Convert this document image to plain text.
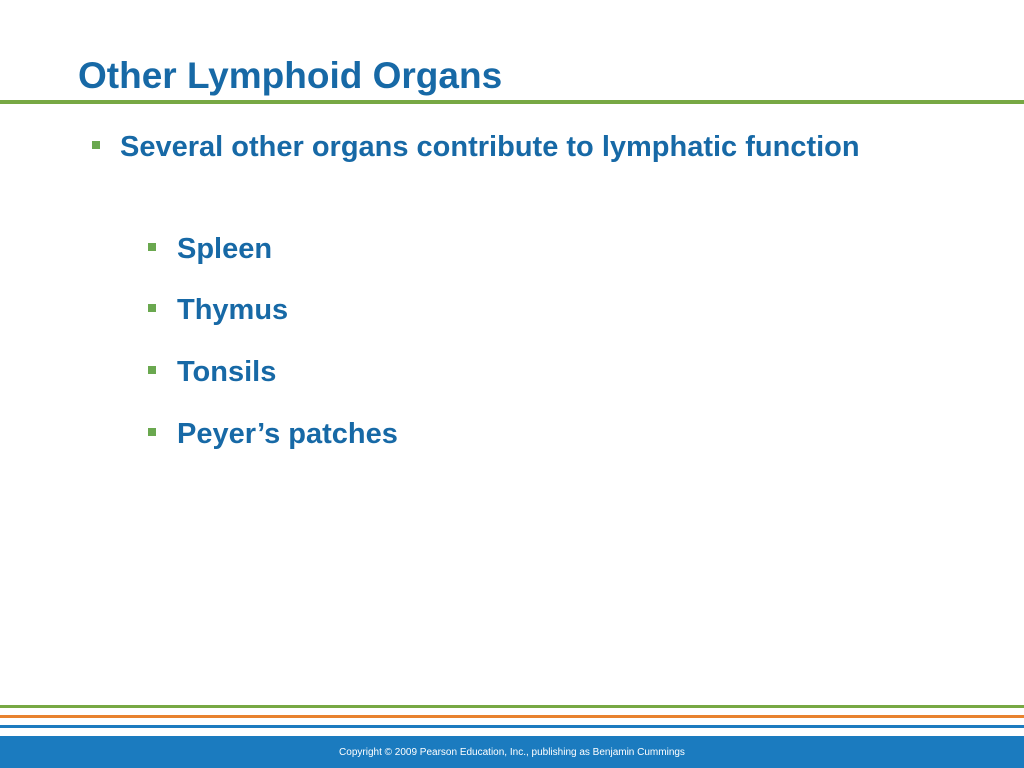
Other Lymphoid Organs
Several other organs contribute to lymphatic function
Spleen
Thymus
Tonsils
Peyer’s patches
Copyright © 2009 Pearson Education, Inc., publishing as Benjamin Cummings
